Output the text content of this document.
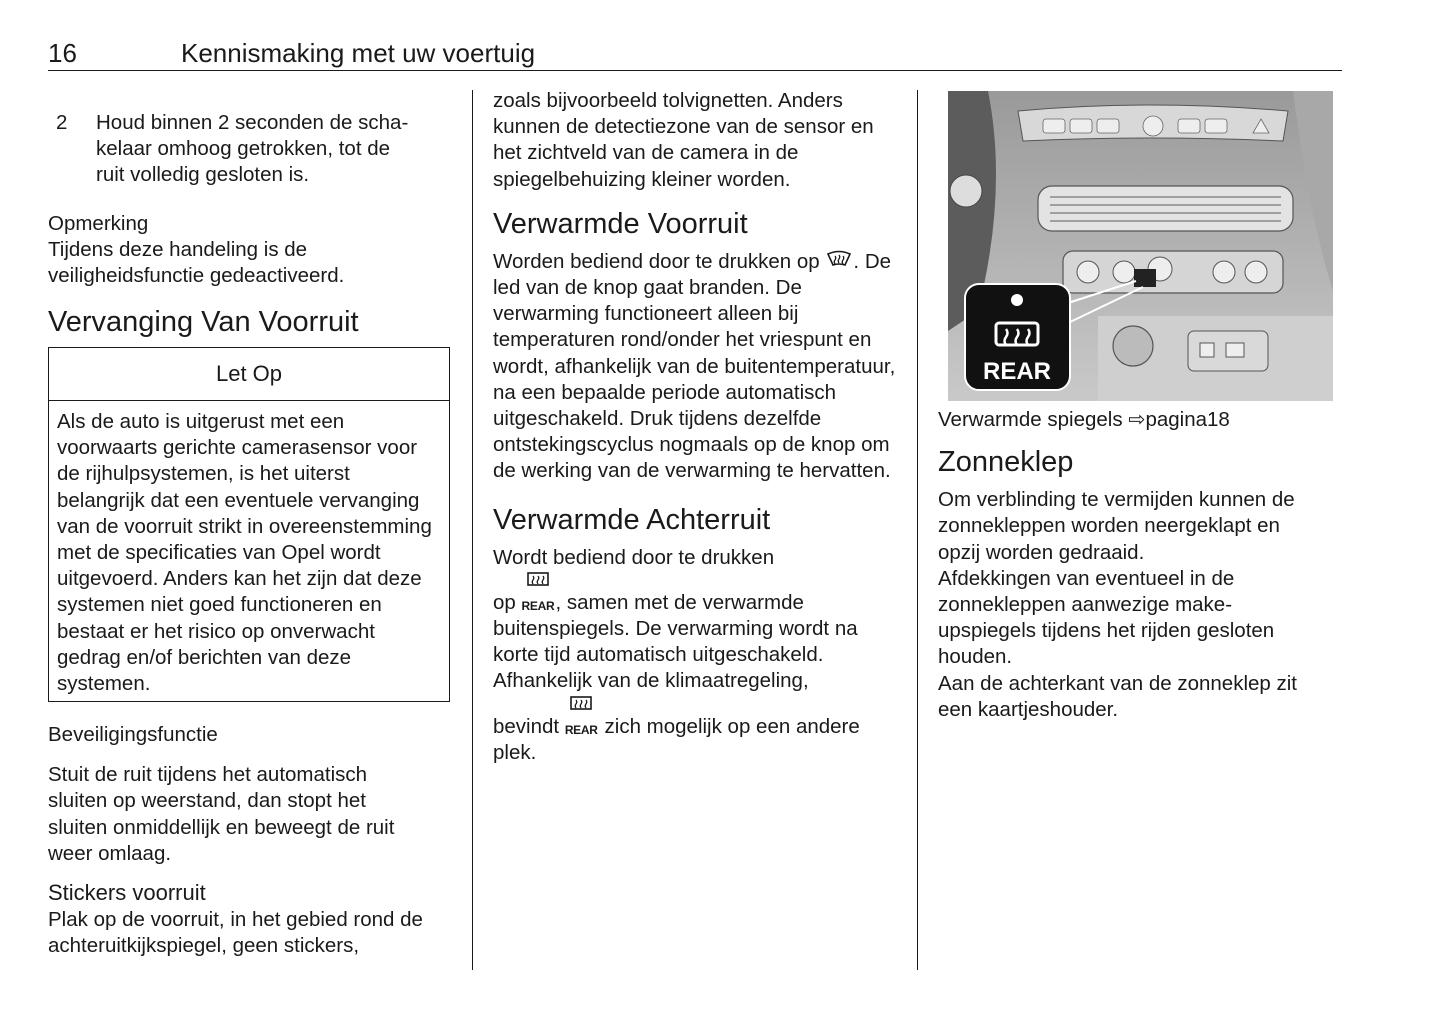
16	Kennismaking met uw voertuig
2 Houd binnen 2 seconden de scha-
kelaar omhoog getrokken, tot de
ruit volledig gesloten is.

Opmerking

Tijdens deze handeling is de veiligheidsfunctie gedeactiveerd.

Vervanging Van Voorruit

Let Op

Als de auto is uitgerust met een voorwaarts gerichte camerasensor voor de rijhulpsystemen, is het uiterst belangrijk dat een eventuele vervanging van de voorruit strikt in overeenstemming met de specificaties van Opel wordt uitgevoerd. Anders kan het zijn dat deze systemen niet goed functioneren en bestaat er het risico op onverwacht gedrag en/of berichten van deze systemen.

Beveiligingsfunctie

Stuit de ruit tijdens het automatisch sluiten op weerstand, dan stopt het sluiten onmiddellijk en beweegt de ruit weer omlaag.

Stickers voorruit

Plak op de voorruit, in het gebied rond de achteruitkijkspiegel, geen stickers,

zoals bijvoorbeeld tolvignetten. Anders kunnen de detectiezone van de sensor en het zichtveld van de camera in de spiegelbehuizing kleiner worden.

Verwarmde Voorruit

Worden bediend door te drukken op . De led van de knop gaat branden. De verwarming functioneert alleen bij temperaturen rond/onder het vriespunt en wordt, afhankelijk van de buitentemperatuur, na een bepaalde periode automatisch uitgeschakeld. Druk tijdens dezelfde ontstekingscyclus nogmaals op de knop om de werking van de verwarming te hervatten.

Verwarmde Achterruit

Wordt bediend door te drukken

op REAR , samen met de verwarmde buitenspiegels. De verwarming wordt na korte tijd automatisch uitgeschakeld. Afhankelijk van de klimaatregeling,

bevindt REAR zich mogelijk op een andere plek.

REAR

Verwarmde spiegels ⇨pagina18

Zonneklep

Om verblinding te vermijden kunnen de zonnekleppen worden neergeklapt en opzij worden gedraaid.

Afdekkingen van eventueel in de zonnekleppen aanwezige make-upspiegels tijdens het rijden gesloten houden.

Aan de achterkant van de zonneklep zit een kaartjeshouder.
